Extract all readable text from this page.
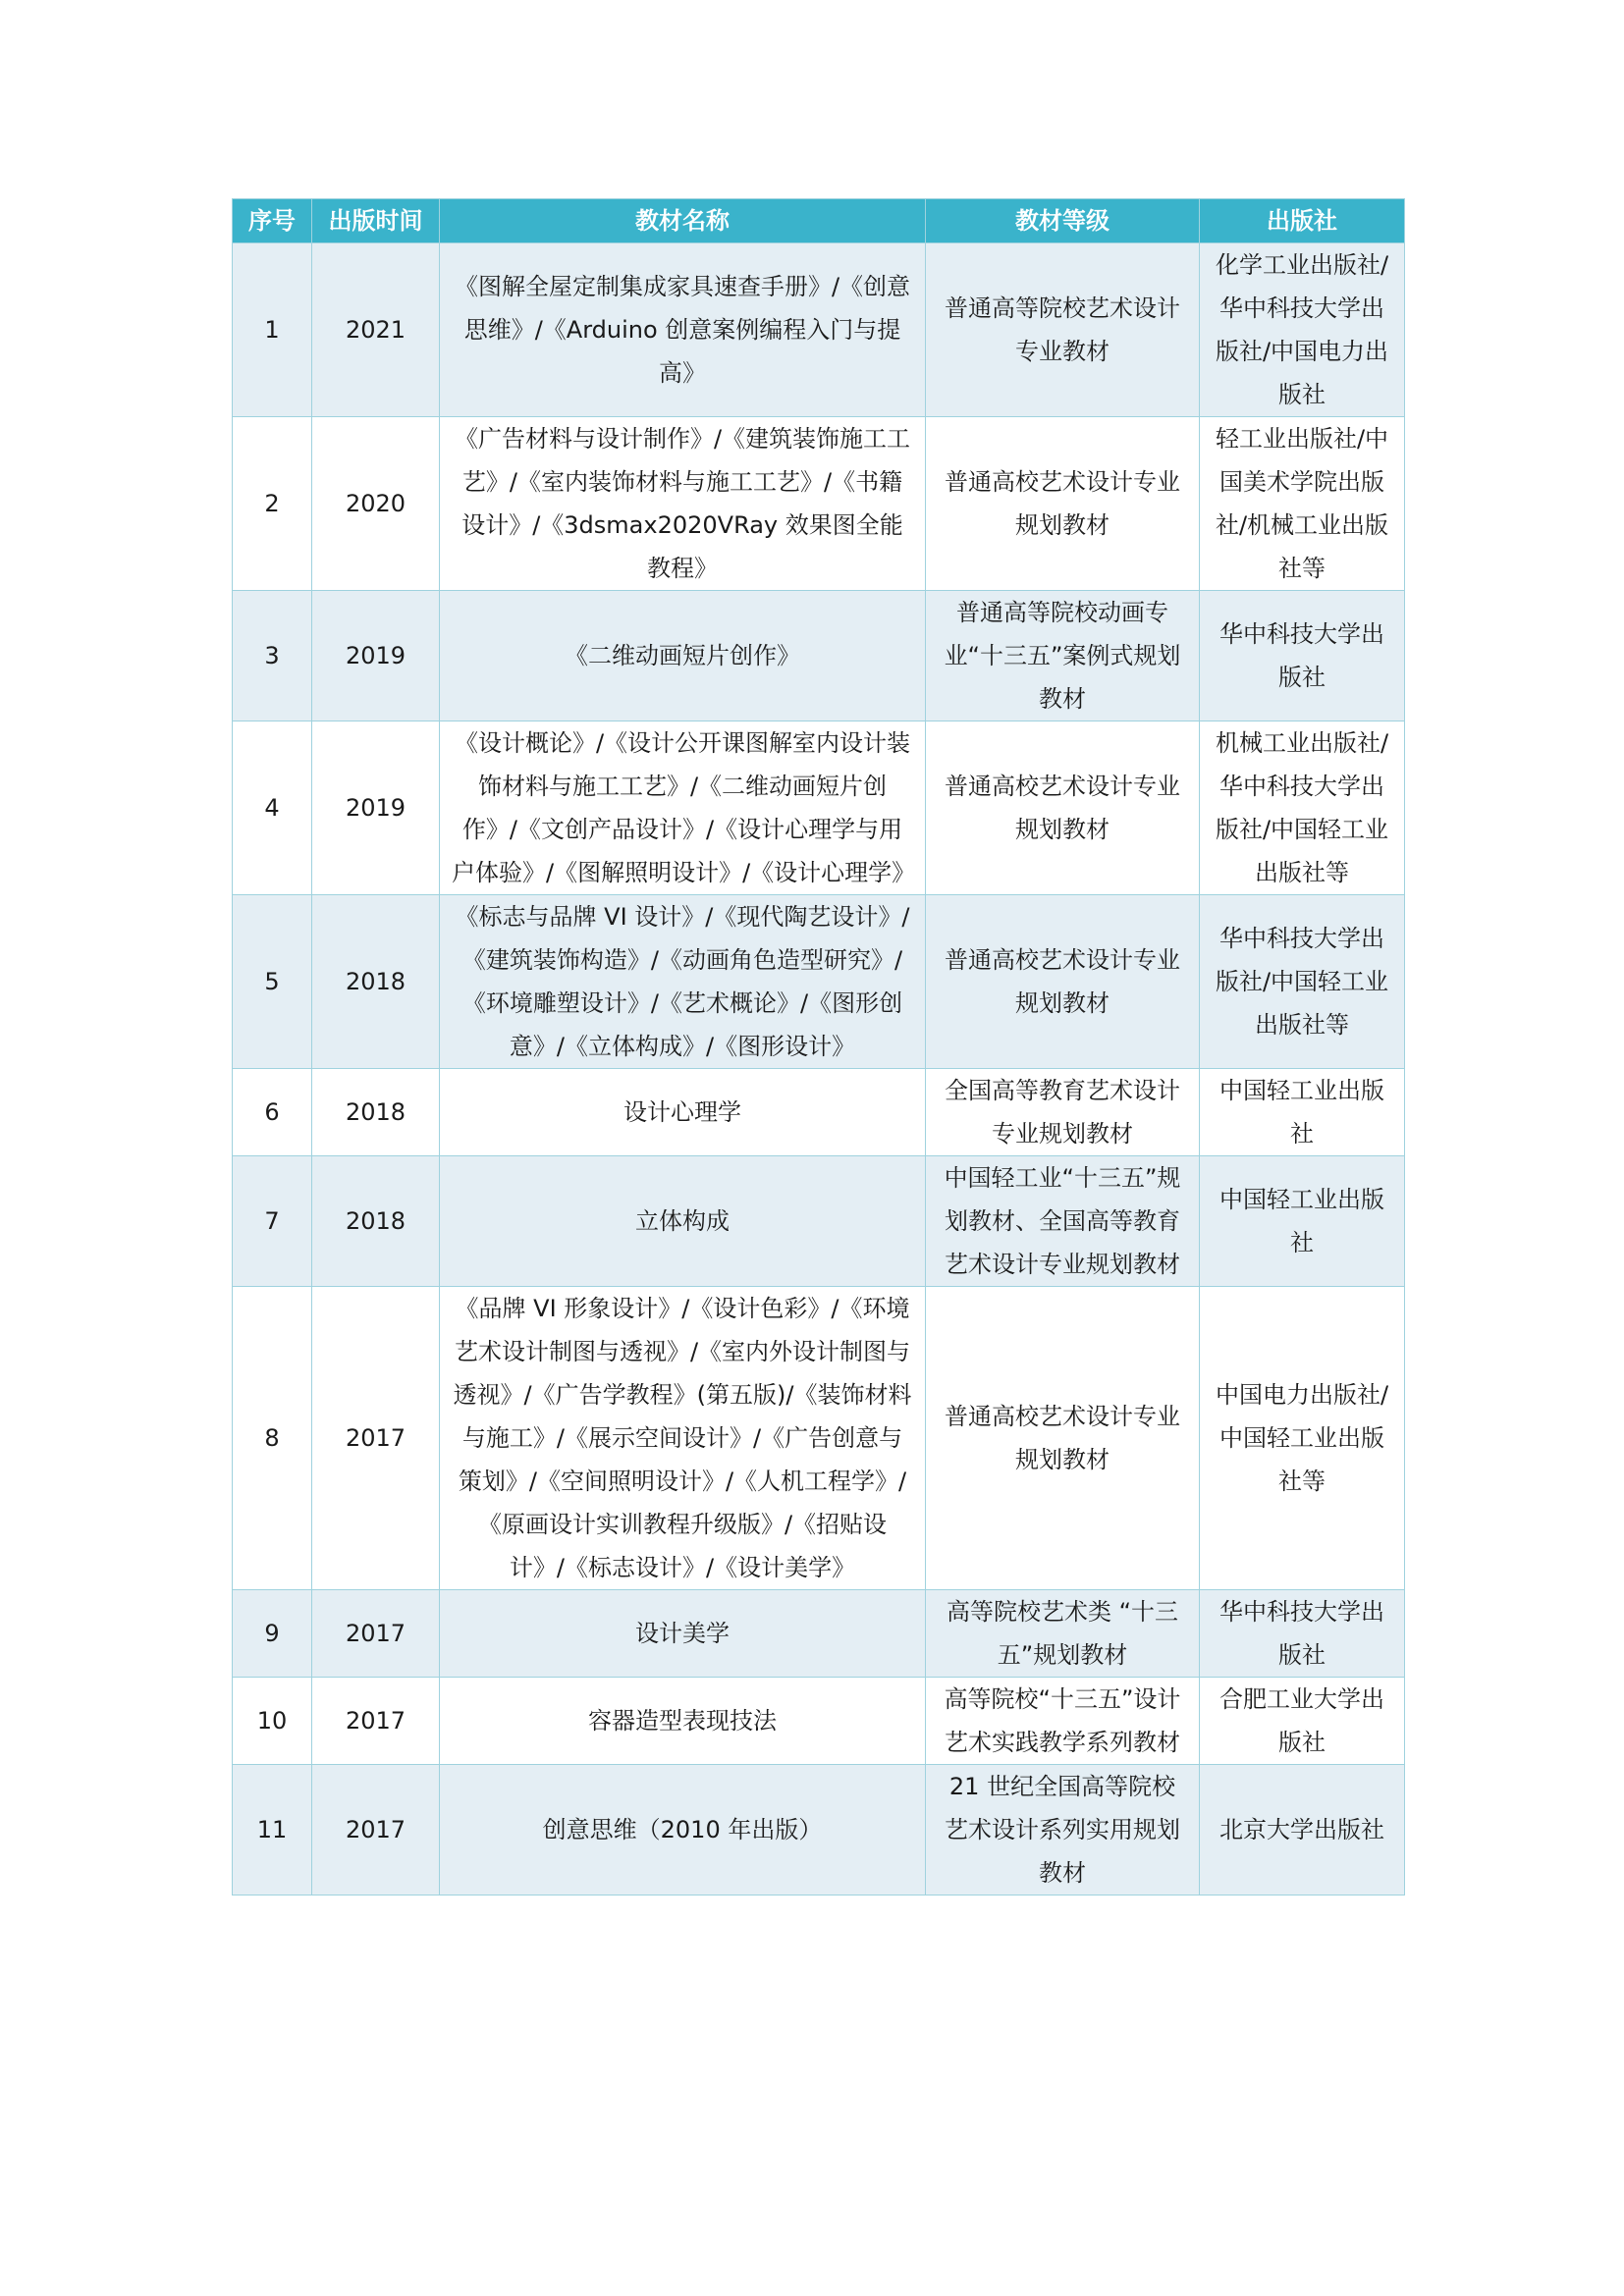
序号	出版时间	教材名称	教材等级	出版社
1	2021	《图解全屋定制集成家具速查手册》/《创意思维》/《Arduino 创意案例编程入门与提高》	普通高等院校艺术设计专业教材	化学工业出版社/华中科技大学出版社/中国电力出版社
2	2020	《广告材料与设计制作》/《建筑装饰施工工艺》/《室内装饰材料与施工工艺》/《书籍设计》/《3dsmax2020VRay 效果图全能教程》	普通高校艺术设计专业规划教材	轻工业出版社/中国美术学院出版社/机械工业出版社等
3	2019	《二维动画短片创作》	普通高等院校动画专业“十三五”案例式规划教材	华中科技大学出版社
4	2019	《设计概论》/《设计公开课图解室内设计装饰材料与施工工艺》/《二维动画短片创作》/《文创产品设计》/《设计心理学与用户体验》/《图解照明设计》/《设计心理学》	普通高校艺术设计专业规划教材	机械工业出版社/华中科技大学出版社/中国轻工业出版社等
5	2018	《标志与品牌 VI 设计》/《现代陶艺设计》/《建筑装饰构造》/《动画角色造型研究》/《环境雕塑设计》/《艺术概论》/《图形创意》/《立体构成》/《图形设计》	普通高校艺术设计专业规划教材	华中科技大学出版社/中国轻工业出版社等
6	2018	设计心理学	全国高等教育艺术设计专业规划教材	中国轻工业出版社
7	2018	立体构成	中国轻工业“十三五”规划教材、全国高等教育艺术设计专业规划教材	中国轻工业出版社
8	2017	《品牌 VI 形象设计》/《设计色彩》/《环境艺术设计制图与透视》/《室内外设计制图与透视》/《广告学教程》(第五版)/《装饰材料与施工》/《展示空间设计》/《广告创意与策划》/《空间照明设计》/《人机工程学》/《原画设计实训教程升级版》/《招贴设计》/《标志设计》/《设计美学》	普通高校艺术设计专业规划教材	中国电力出版社/中国轻工业出版社等
9	2017	设计美学	高等院校艺术类 “十三五”规划教材	华中科技大学出版社
10	2017	容器造型表现技法	高等院校“十三五”设计艺术实践教学系列教材	合肥工业大学出版社
11	2017	创意思维（2010 年出版）	21 世纪全国高等院校艺术设计系列实用规划教材	北京大学出版社
